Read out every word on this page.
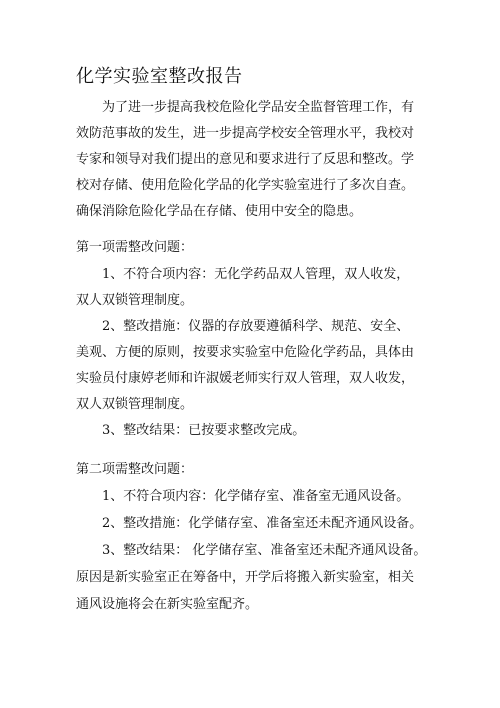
化学实验室整改报告
为了进一步提高我校危险化学品安全监督管理工作，有
效防范事故的发生，进一步提高学校安全管理水平，我校对
专家和领导对我们提出的意见和要求进行了反思和整改。学
校对存储、使用危险化学品的化学实验室进行了多次自查。
确保消除危险化学品在存储、使用中安全的隐患。
第一项需整改问题：
1、不符合项内容：无化学药品双人管理，双人收发，
双人双锁管理制度。
2、整改措施：仪器的存放要遵循科学、规范、安全、
美观、方便的原则，按要求实验室中危险化学药品，具体由
实验员付康婷老师和许淑媛老师实行双人管理，双人收发，
双人双锁管理制度。
3、整改结果：已按要求整改完成。
第二项需整改问题：
1、不符合项内容：化学储存室、准备室无通风设备。
2、整改措施：化学储存室、准备室还未配齐通风设备。
3、整改结果： 化学储存室、准备室还未配齐通风设备。
原因是新实验室正在筹备中，开学后将搬入新实验室，相关
通风设施将会在新实验室配齐。
